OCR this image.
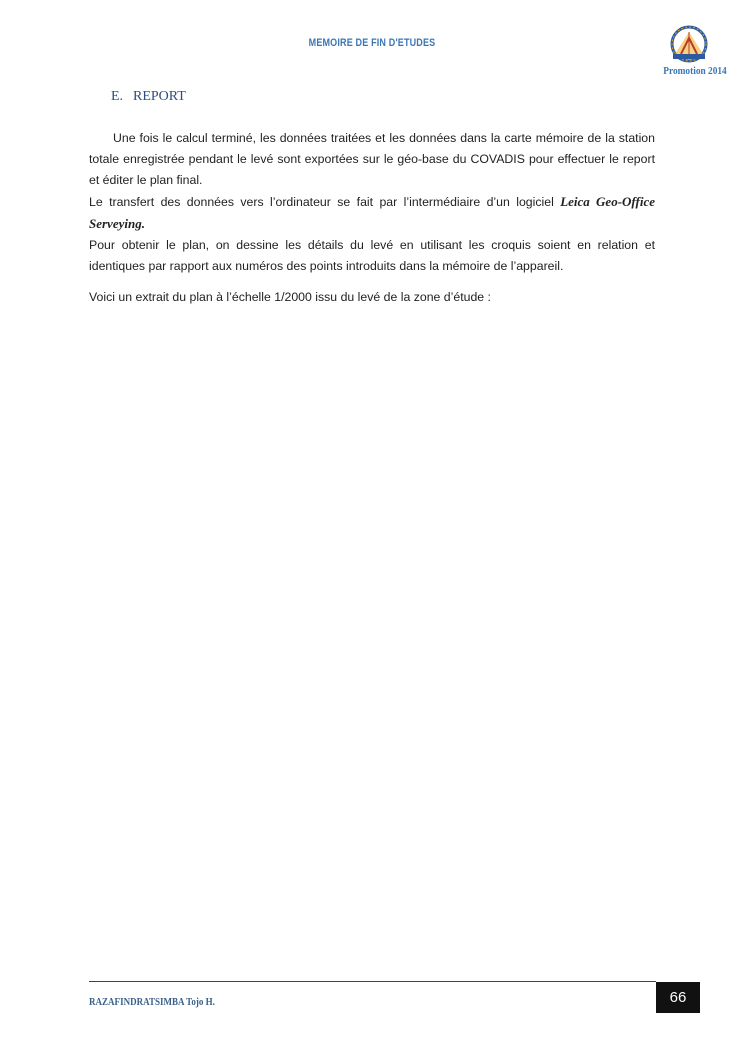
MEMOIRE DE FIN D'ETUDES
Promotion 2014
E. REPORT

Une fois le calcul terminé, les données traitées et les données dans la carte mémoire de la station totale enregistrée pendant le levé sont exportées sur le géo-base du COVADIS pour effectuer le report et éditer le plan final.

Le transfert des données vers l’ordinateur se fait par l’intermédiaire d’un logiciel Leica Geo-Office Serveying.

Pour obtenir le plan, on dessine les détails du levé en utilisant les croquis soient en relation et identiques par rapport aux numéros des points introduits dans la mémoire de l’appareil.

Voici un extrait du plan à l’échelle 1/2000 issu du levé de la zone d’étude :

RAZAFINDRATSIMBA Tojo H.	66
